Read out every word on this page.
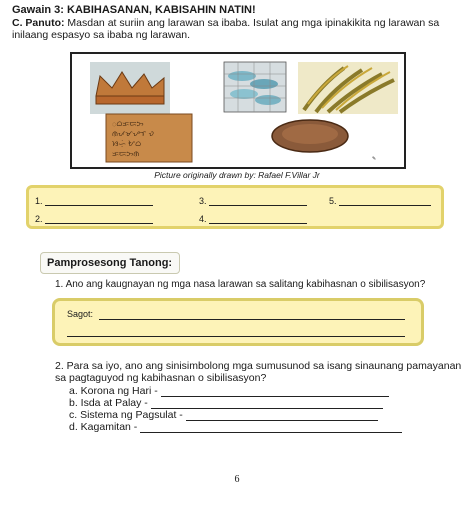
Gawain 3: KABIHASANAN, KABISAHIN NATIN!
C. Panuto: Masdan at suriin ang larawan sa ibaba. Isulat ang mga ipinakikita ng larawan sa inilaang espasyo sa ibaba ng larawan.
ᜀᜊᜃᜇᜅ
ᜈᜉᜋᜌᜎ ᜏ
ᜐᜑᜒᜓ ᜀᜊ
ᜃᜇᜅᜈ
✎
Picture originally drawn by: Rafael F.Villar Jr
1.	3.	5.
2.	4.
Pamprosesong Tanong:
1. Ano ang kaugnayan ng mga nasa larawan sa salitang kabihasnan o sibilisasyon?
Sagot:
2. Para sa iyo, ano ang sinisimbolong mga sumusunod sa isang sinaunang pamayanan sa pagtaguyod ng kabihasnan o sibilisasyon?
a. Korona ng Hari -
b. Isda at Palay -
c. Sistema ng Pagsulat -
d. Kagamitan -
6
